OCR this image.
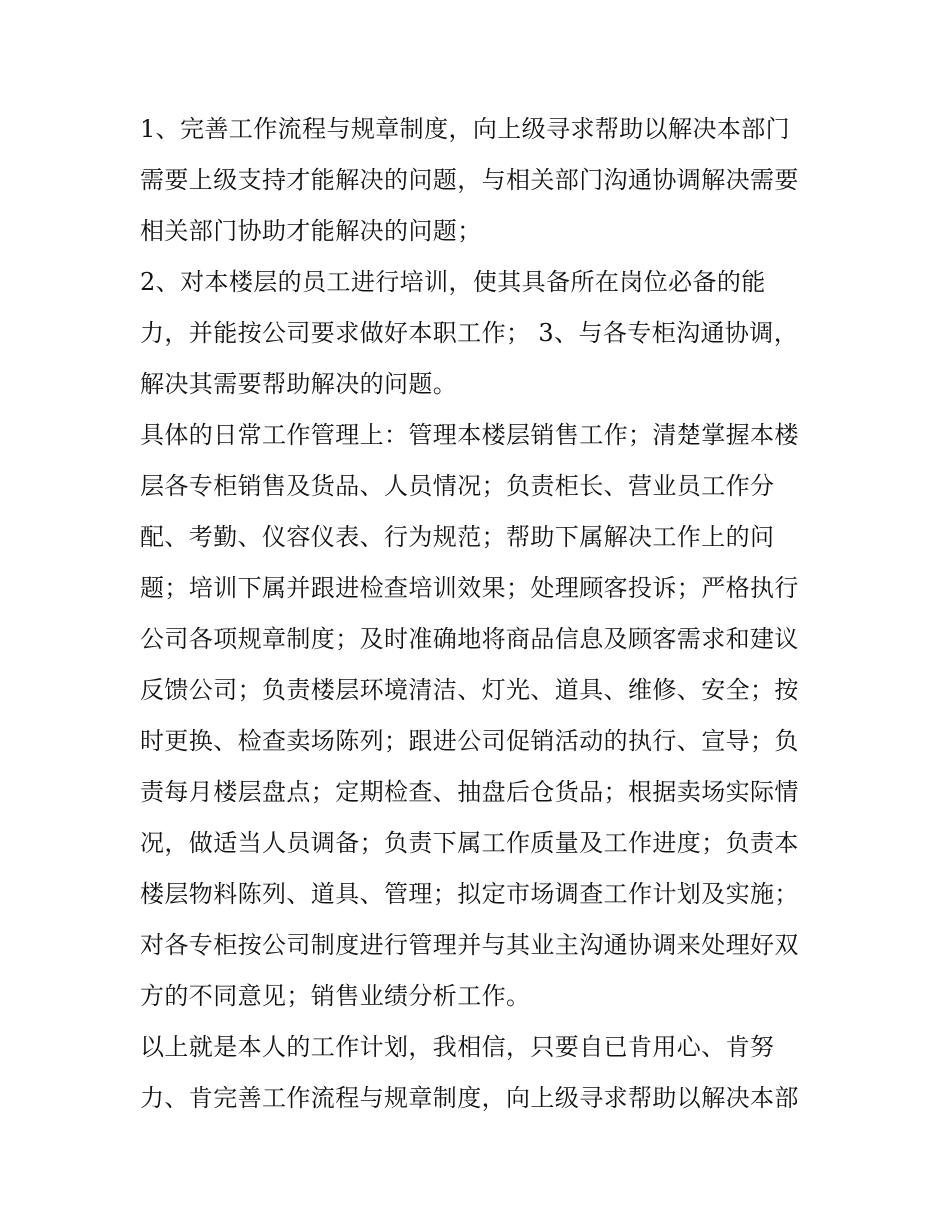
1、完善工作流程与规章制度，向上级寻求帮助以解决本部门
需要上级支持才能解决的问题，与相关部门沟通协调解决需要
相关部门协助才能解决的问题；

2、对本楼层的员工进行培训，使其具备所在岗位必备的能
力，并能按公司要求做好本职工作； 3、与各专柜沟通协调，
解决其需要帮助解决的问题。

具体的日常工作管理上：管理本楼层销售工作；清楚掌握本楼
层各专柜销售及货品、人员情况；负责柜长、营业员工作分
配、考勤、仪容仪表、行为规范；帮助下属解决工作上的问
题；培训下属并跟进检查培训效果；处理顾客投诉；严格执行
公司各项规章制度；及时准确地将商品信息及顾客需求和建议
反馈公司；负责楼层环境清洁、灯光、道具、维修、安全；按
时更换、检查卖场陈列；跟进公司促销活动的执行、宣导；负
责每月楼层盘点；定期检查、抽盘后仓货品；根据卖场实际情
况，做适当人员调备；负责下属工作质量及工作进度；负责本
楼层物料陈列、道具、管理；拟定市场调查工作计划及实施；
对各专柜按公司制度进行管理并与其业主沟通协调来处理好双
方的不同意见；销售业绩分析工作。

以上就是本人的工作计划，我相信，只要自已肯用心、肯努
力、肯完善工作流程与规章制度，向上级寻求帮助以解决本部
